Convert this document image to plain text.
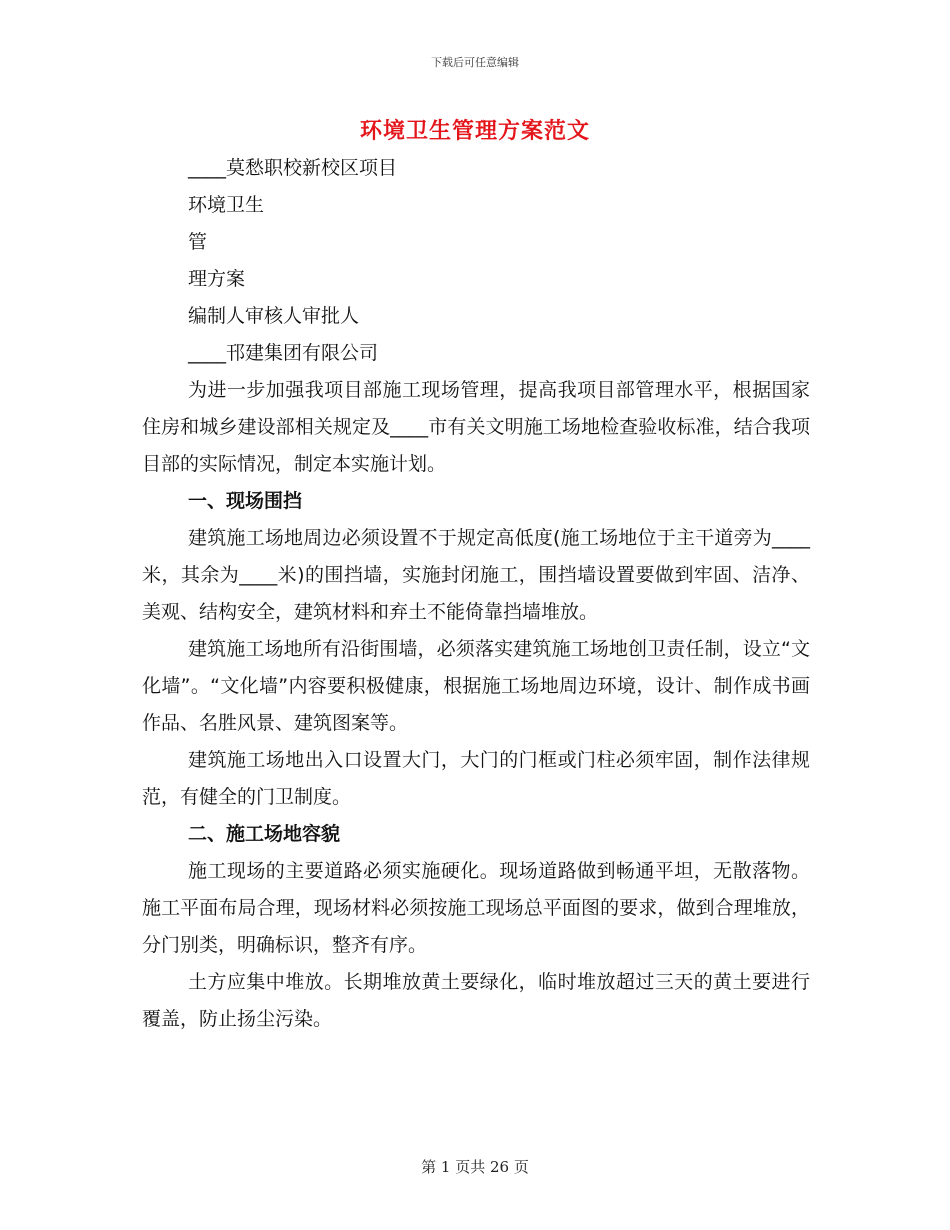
下载后可任意编辑
环境卫生管理方案范文
____莫愁职校新校区项目
环境卫生
管
理方案
编制人审核人审批人
____邗建集团有限公司

为进一步加强我项目部施工现场管理，提高我项目部管理水平，根据国家住房和城乡建设部相关规定及____市有关文明施工场地检查验收标准，结合我项目部的实际情况，制定本实施计划。

一、现场围挡

建筑施工场地周边必须设置不于规定高低度(施工场地位于主干道旁为____米，其余为____米)的围挡墙，实施封闭施工，围挡墙设置要做到牢固、洁净、美观、结构安全，建筑材料和弃土不能倚靠挡墙堆放。

建筑施工场地所有沿街围墙，必须落实建筑施工场地创卫责任制，设立“文化墙”。“文化墙”内容要积极健康，根据施工场地周边环境，设计、制作成书画作品、名胜风景、建筑图案等。

建筑施工场地出入口设置大门，大门的门框或门柱必须牢固，制作法律规范，有健全的门卫制度。

二、施工场地容貌

施工现场的主要道路必须实施硬化。现场道路做到畅通平坦，无散落物。施工平面布局合理，现场材料必须按施工现场总平面图的要求，做到合理堆放，分门别类，明确标识，整齐有序。

土方应集中堆放。长期堆放黄土要绿化，临时堆放超过三天的黄土要进行覆盖，防止扬尘污染。

第 1 页共 26 页
